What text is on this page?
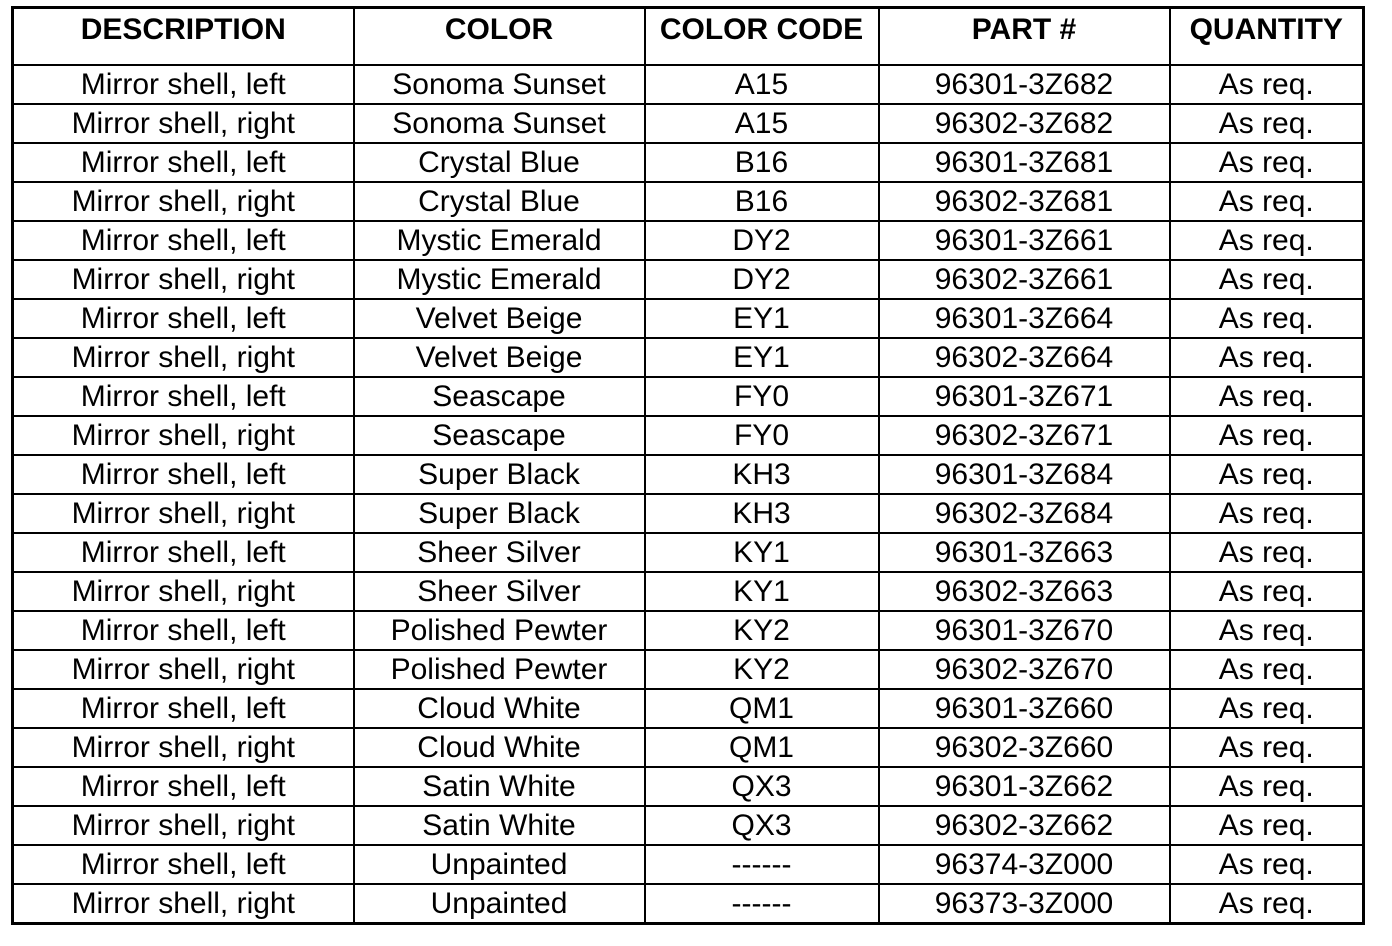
DESCRIPTION	COLOR	COLOR CODE	PART #	QUANTITY
Mirror shell, left	Sonoma Sunset	A15	96301-3Z682	As req.
Mirror shell, right	Sonoma Sunset	A15	96302-3Z682	As req.
Mirror shell, left	Crystal Blue	B16	96301-3Z681	As req.
Mirror shell, right	Crystal Blue	B16	96302-3Z681	As req.
Mirror shell, left	Mystic Emerald	DY2	96301-3Z661	As req.
Mirror shell, right	Mystic Emerald	DY2	96302-3Z661	As req.
Mirror shell, left	Velvet Beige	EY1	96301-3Z664	As req.
Mirror shell, right	Velvet Beige	EY1	96302-3Z664	As req.
Mirror shell, left	Seascape	FY0	96301-3Z671	As req.
Mirror shell, right	Seascape	FY0	96302-3Z671	As req.
Mirror shell, left	Super Black	KH3	96301-3Z684	As req.
Mirror shell, right	Super Black	KH3	96302-3Z684	As req.
Mirror shell, left	Sheer Silver	KY1	96301-3Z663	As req.
Mirror shell, right	Sheer Silver	KY1	96302-3Z663	As req.
Mirror shell, left	Polished Pewter	KY2	96301-3Z670	As req.
Mirror shell, right	Polished Pewter	KY2	96302-3Z670	As req.
Mirror shell, left	Cloud White	QM1	96301-3Z660	As req.
Mirror shell, right	Cloud White	QM1	96302-3Z660	As req.
Mirror shell, left	Satin White	QX3	96301-3Z662	As req.
Mirror shell, right	Satin White	QX3	96302-3Z662	As req.
Mirror shell, left	Unpainted	------	96374-3Z000	As req.
Mirror shell, right	Unpainted	------	96373-3Z000	As req.
